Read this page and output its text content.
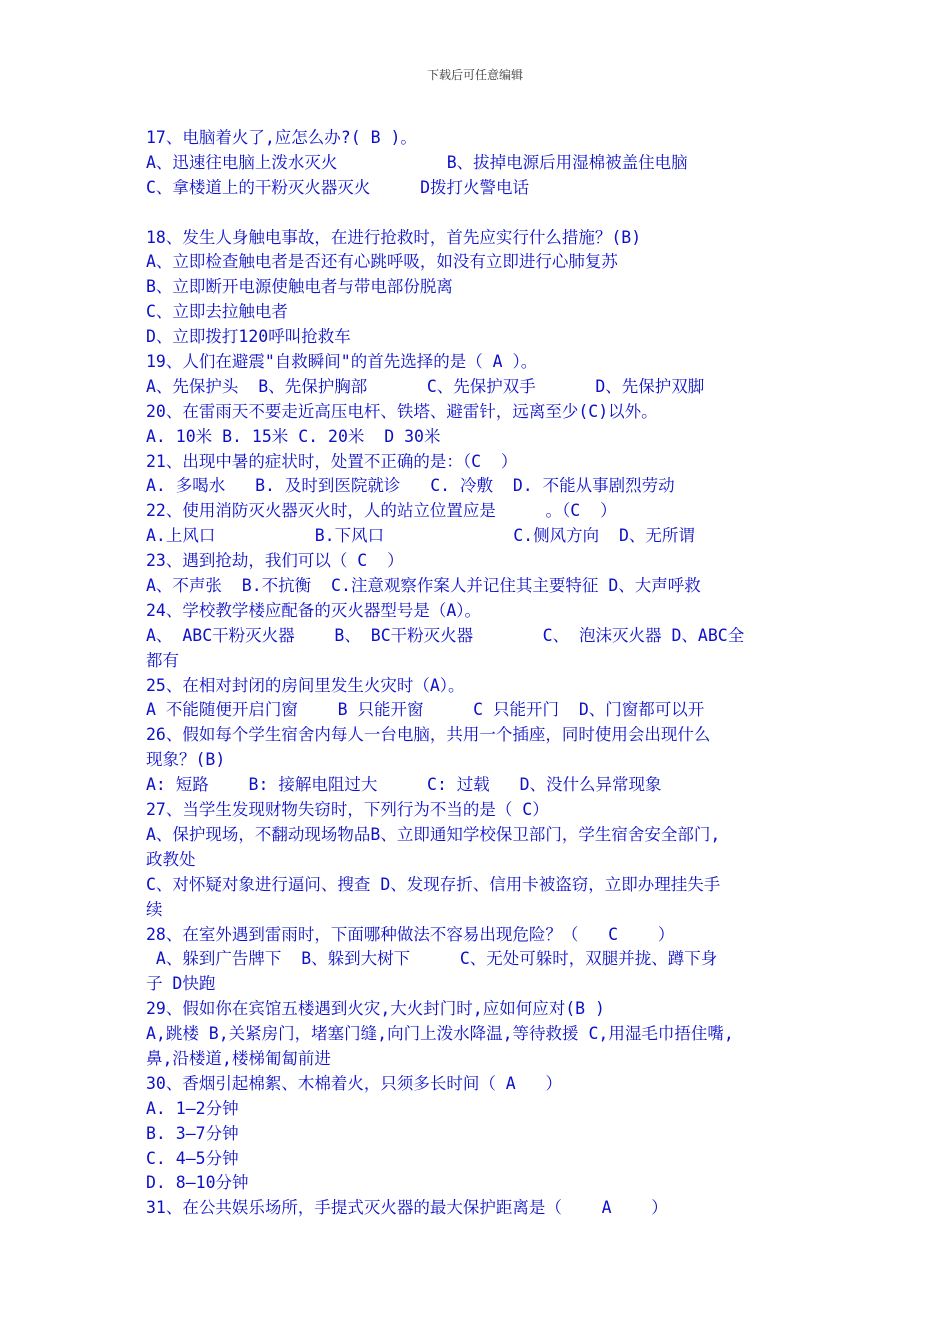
下载后可任意编辑
17、电脑着火了,应怎么办?( B )。
A、迅速往电脑上泼水灭火           B、拔掉电源后用湿棉被盖住电脑
C、拿楼道上的干粉灭火器灭火     D拨打火警电话
18、发生人身触电事故，在进行抢救时，首先应实行什么措施？(B)
A、立即检查触电者是否还有心跳呼吸，如没有立即进行心肺复苏
B、立即断开电源使触电者与带电部份脱离
C、立即去拉触电者
D、立即拨打120呼叫抢救车
19、人们在避震"自救瞬间"的首先选择的是（ A ）。
A、先保护头  B、先保护胸部      C、先保护双手      D、先保护双脚
20、在雷雨天不要走近高压电杆、铁塔、避雷针，远离至少(C)以外。
A. 10米 B. 15米 C. 20米  D 30米
21、出现中暑的症状时，处置不正确的是：（C  ）
A. 多喝水   B. 及时到医院就诊   C. 冷敷  D. 不能从事剧烈劳动
22、使用消防灭火器灭火时，人的站立位置应是     。（C  ）
A.上风口          B.下风口             C.侧风方向  D、无所谓
23、遇到抢劫，我们可以（ C  ）
A、不声张  B.不抗衡  C.注意观察作案人并记住其主要特征 D、大声呼救
24、学校教学楼应配备的灭火器型号是（A）。
A、 ABC干粉灭火器    B、 BC干粉灭火器       C、 泡沫灭火器 D、ABC全
都有
25、在相对封闭的房间里发生火灾时（A）。
A 不能随便开启门窗    B 只能开窗     C 只能开门  D、门窗都可以开
26、假如每个学生宿舍内每人一台电脑，共用一个插座，同时使用会出现什么
现象？(B)
A: 短路    B: 接解电阻过大     C: 过载   D、没什么异常现象
27、当学生发现财物失窃时，下列行为不当的是（ C）
A、保护现场，不翻动现场物品B、立即通知学校保卫部门，学生宿舍安全部门,
政教处
C、对怀疑对象进行逼问、搜查 D、发现存折、信用卡被盗窃，立即办理挂失手
续
28、在室外遇到雷雨时，下面哪种做法不容易出现危险？（   C    ）
A、躲到广告牌下  B、躲到大树下     C、无处可躲时，双腿并拢、蹲下身
子 D快跑
29、假如你在宾馆五楼遇到火灾,大火封门时,应如何应对(B )
A,跳楼 B,关紧房门，堵塞门缝,向门上泼水降温,等待救援 C,用湿毛巾捂住嘴,
鼻,沿楼道,楼梯匍匐前进
30、香烟引起棉絮、木棉着火，只须多长时间（ A   ）
A. 1—2分钟
B. 3—7分钟
C. 4—5分钟
D. 8—10分钟
31、在公共娱乐场所，手提式灭火器的最大保护距离是（    A    ）
